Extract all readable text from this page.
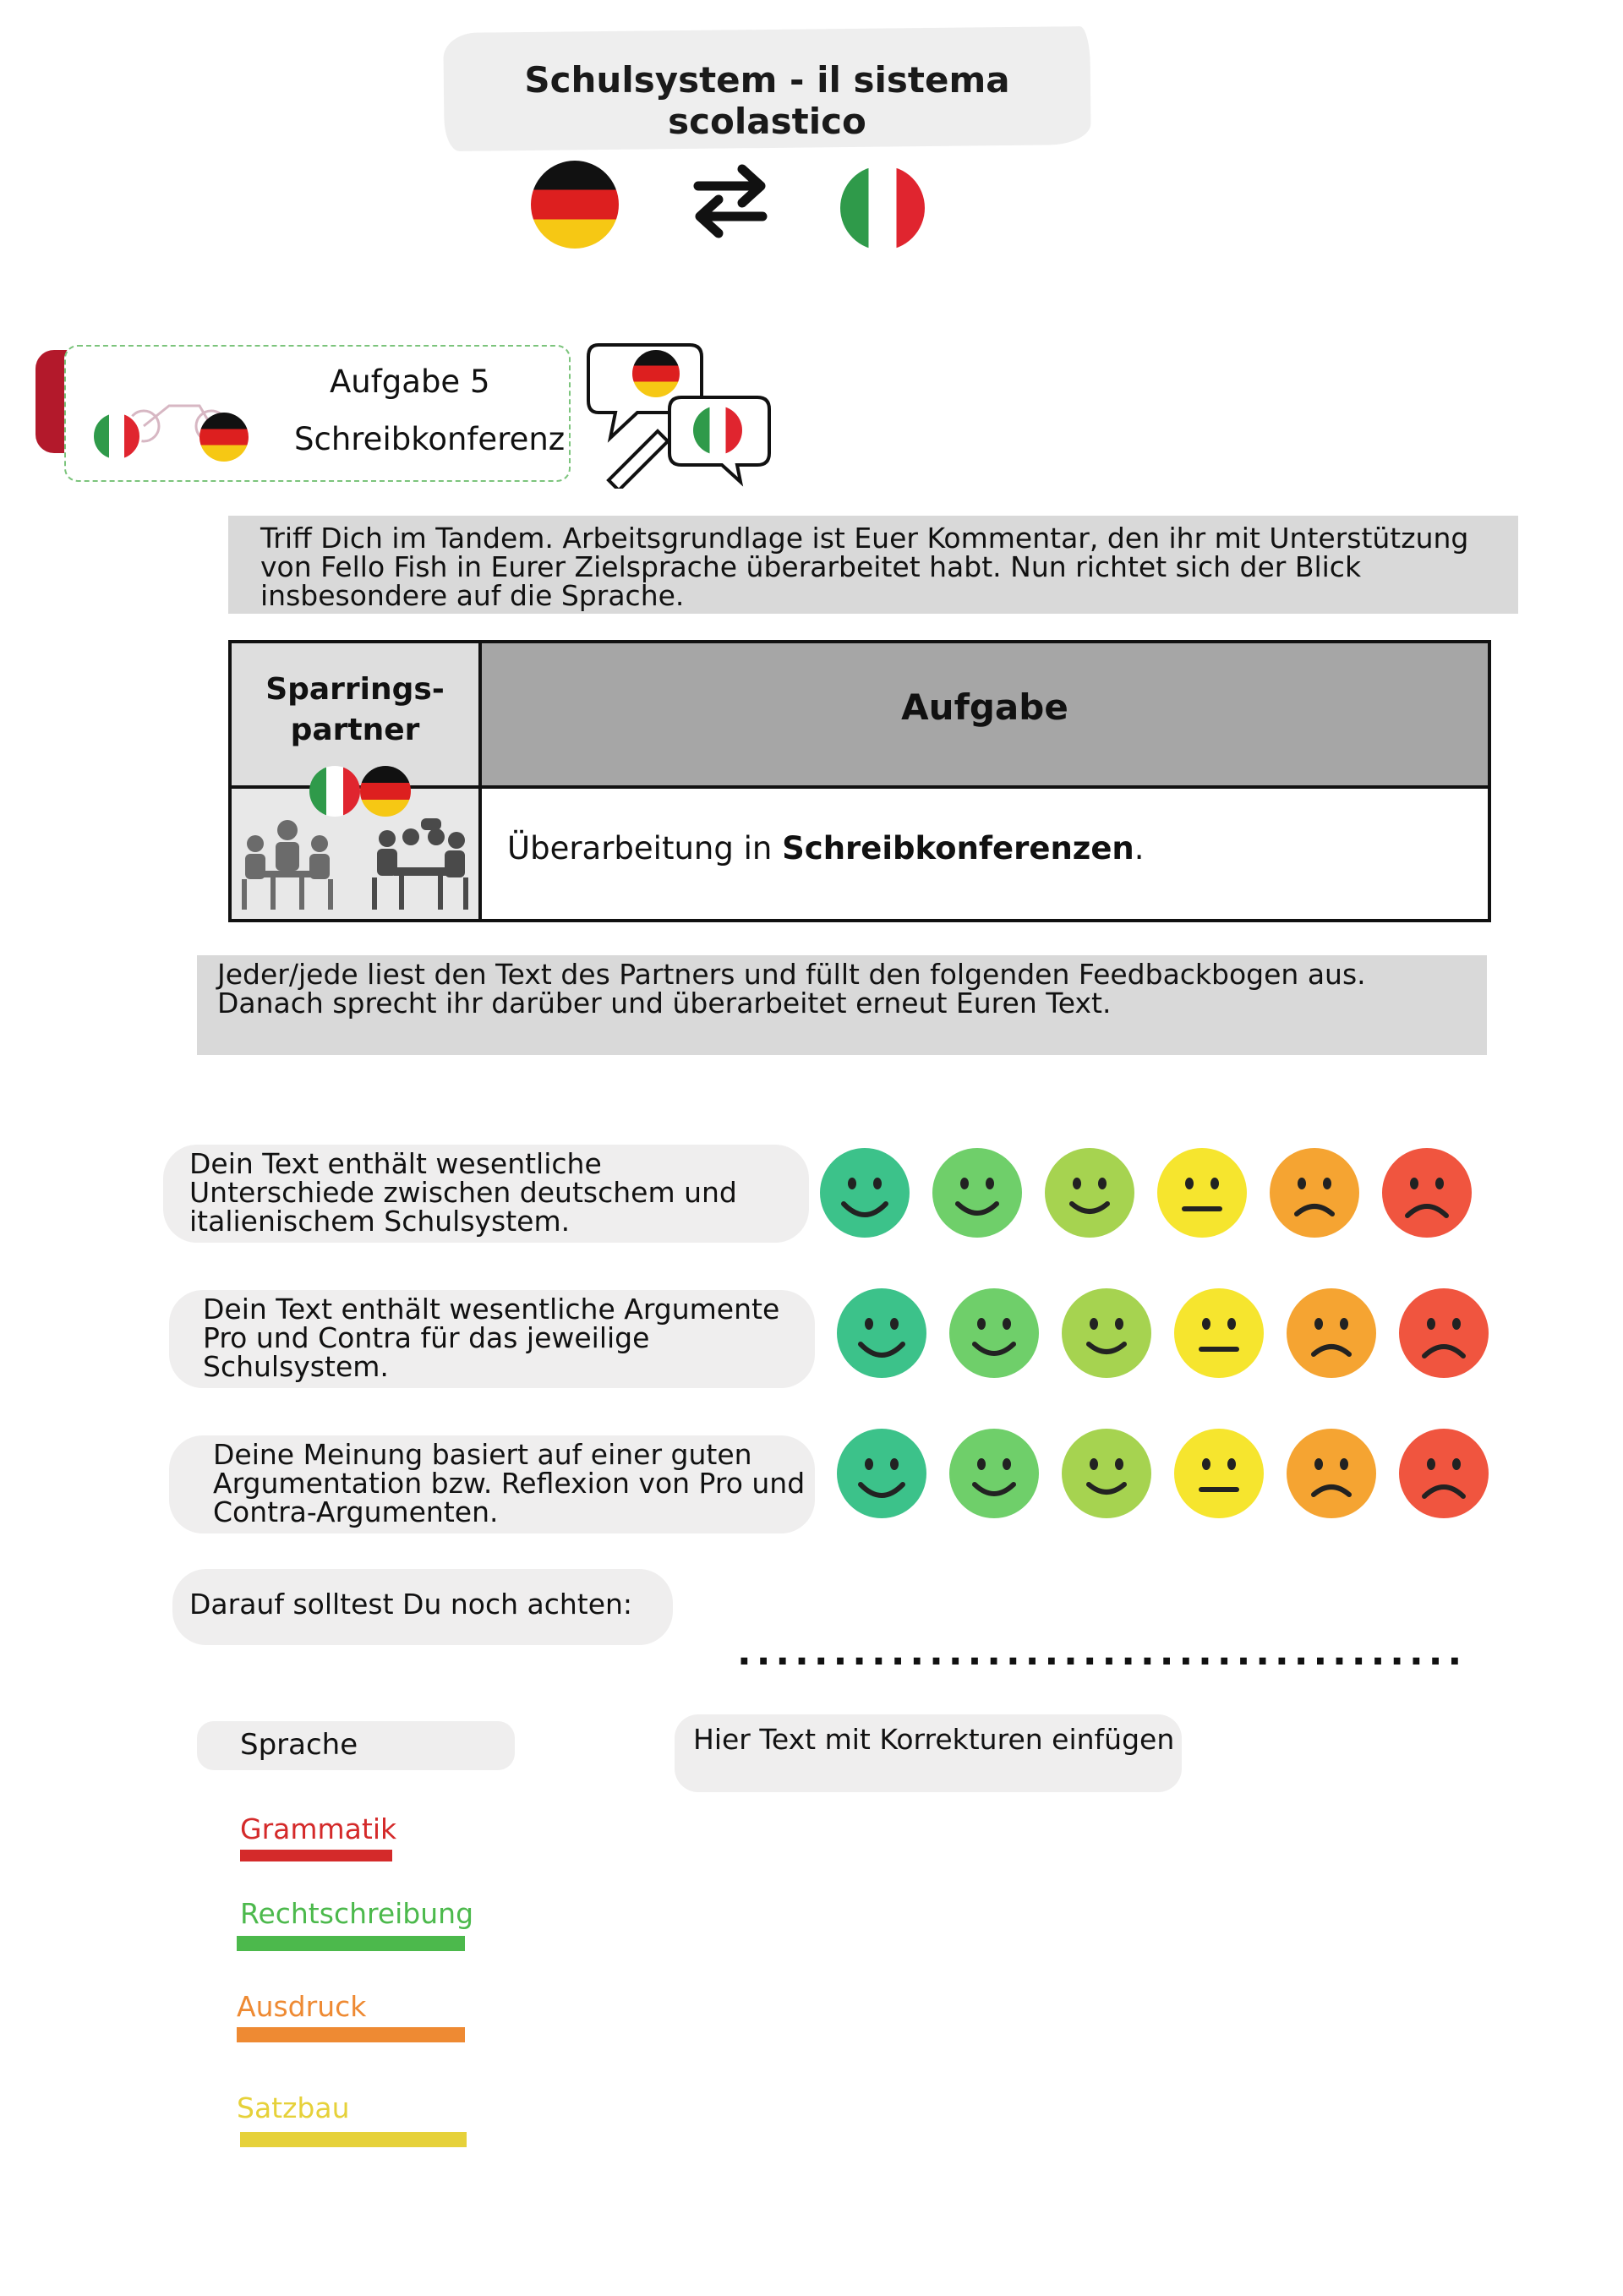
Schulsystem - il sistema scolastico
Aufgabe 5
Schreibkonferenz
Triff Dich im Tandem. Arbeitsgrundlage ist Euer Kommentar, den ihr mit Unterstützung von Fello Fish in Eurer Zielsprache überarbeitet habt. Nun richtet sich der Blick insbesondere auf die Sprache.
Sparrings-
partner
Aufgabe
Überarbeitung in Schreibkonferenzen.
Jeder/jede liest den Text des Partners und füllt den folgenden Feedbackbogen aus.
Danach sprecht ihr darüber und überarbeitet erneut Euren Text.
Dein Text enthält wesentliche
Unterschiede zwischen deutschem und
italienischem Schulsystem.
Dein Text enthält wesentliche Argumente
Pro und Contra für das jeweilige
Schulsystem.
Deine Meinung basiert auf einer guten
Argumentation bzw. Reflexion von Pro und
Contra-Argumenten.
Darauf solltest Du noch achten:
......................................
Sprache	Hier Text mit Korrekturen einfügen
Grammatik
Rechtschreibung
Ausdruck
Satzbau
